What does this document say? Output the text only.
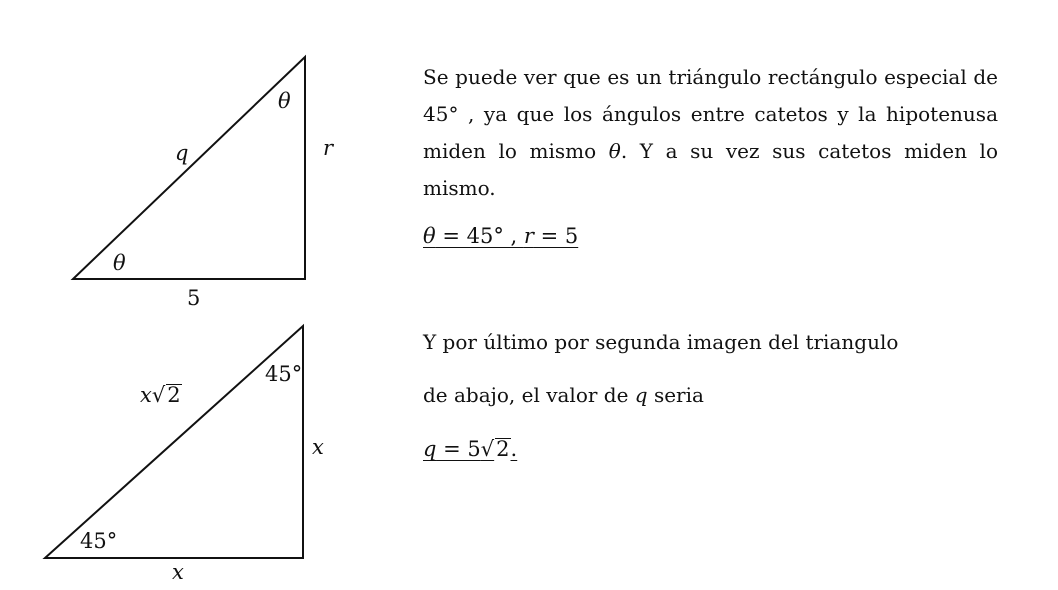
θ
θ
q	r
5
45°
45°
x√2
x
x

Se puede ver que es un triángulo rectángulo especial de 45° , ya que los ángulos entre catetos y la hipotenusa miden lo mismo θ. Y a su vez sus catetos miden lo mismo.

θ = 45° , r = 5
Y por último por segunda imagen del triangulo
de abajo, el valor de q seria
q = 5√2.
